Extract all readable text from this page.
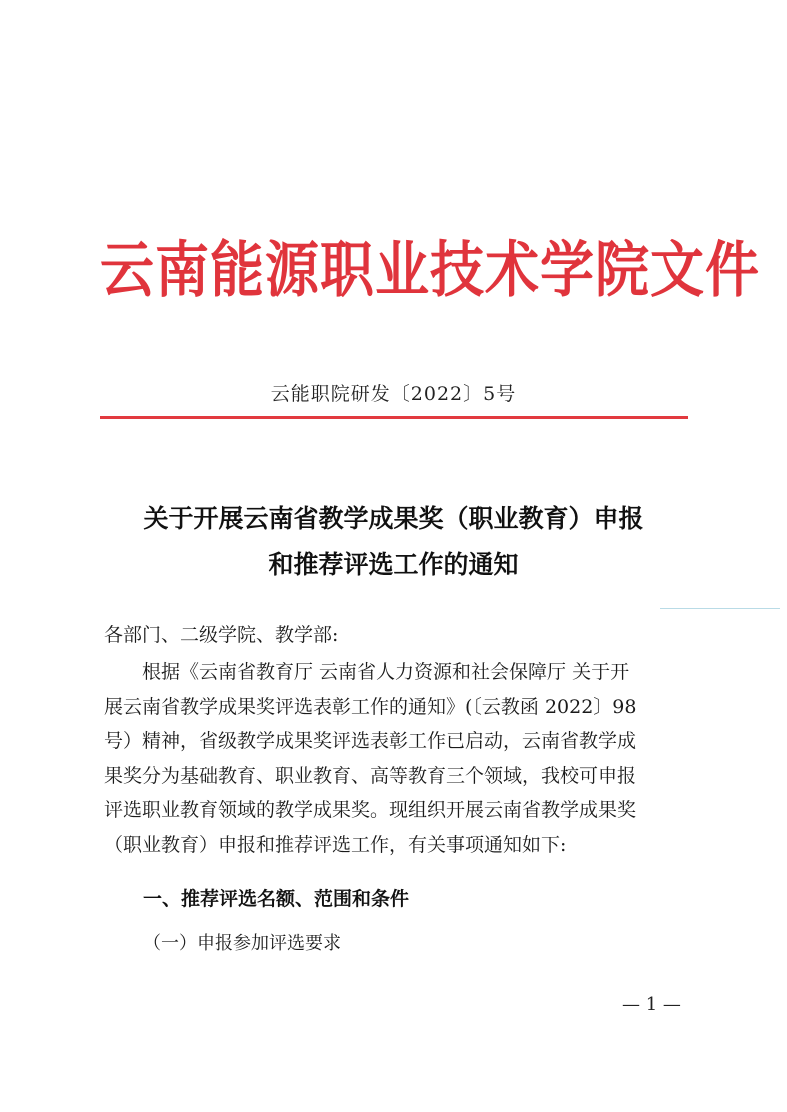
云南能源职业技术学院文件
云能职院研发〔2022〕5号
关于开展云南省教学成果奖（职业教育）申报
和推荐评选工作的通知
各部门、二级学院、教学部:
根据《云南省教育厅 云南省人力资源和社会保障厅 关于开
展云南省教学成果奖评选表彰工作的通知》(〔云教函 2022〕98
号）精神，省级教学成果奖评选表彰工作已启动，云南省教学成
果奖分为基础教育、职业教育、高等教育三个领域，我校可申报
评选职业教育领域的教学成果奖。现组织开展云南省教学成果奖
（职业教育）申报和推荐评选工作，有关事项通知如下:
一、推荐评选名额、范围和条件
（一）申报参加评选要求
— 1 —
